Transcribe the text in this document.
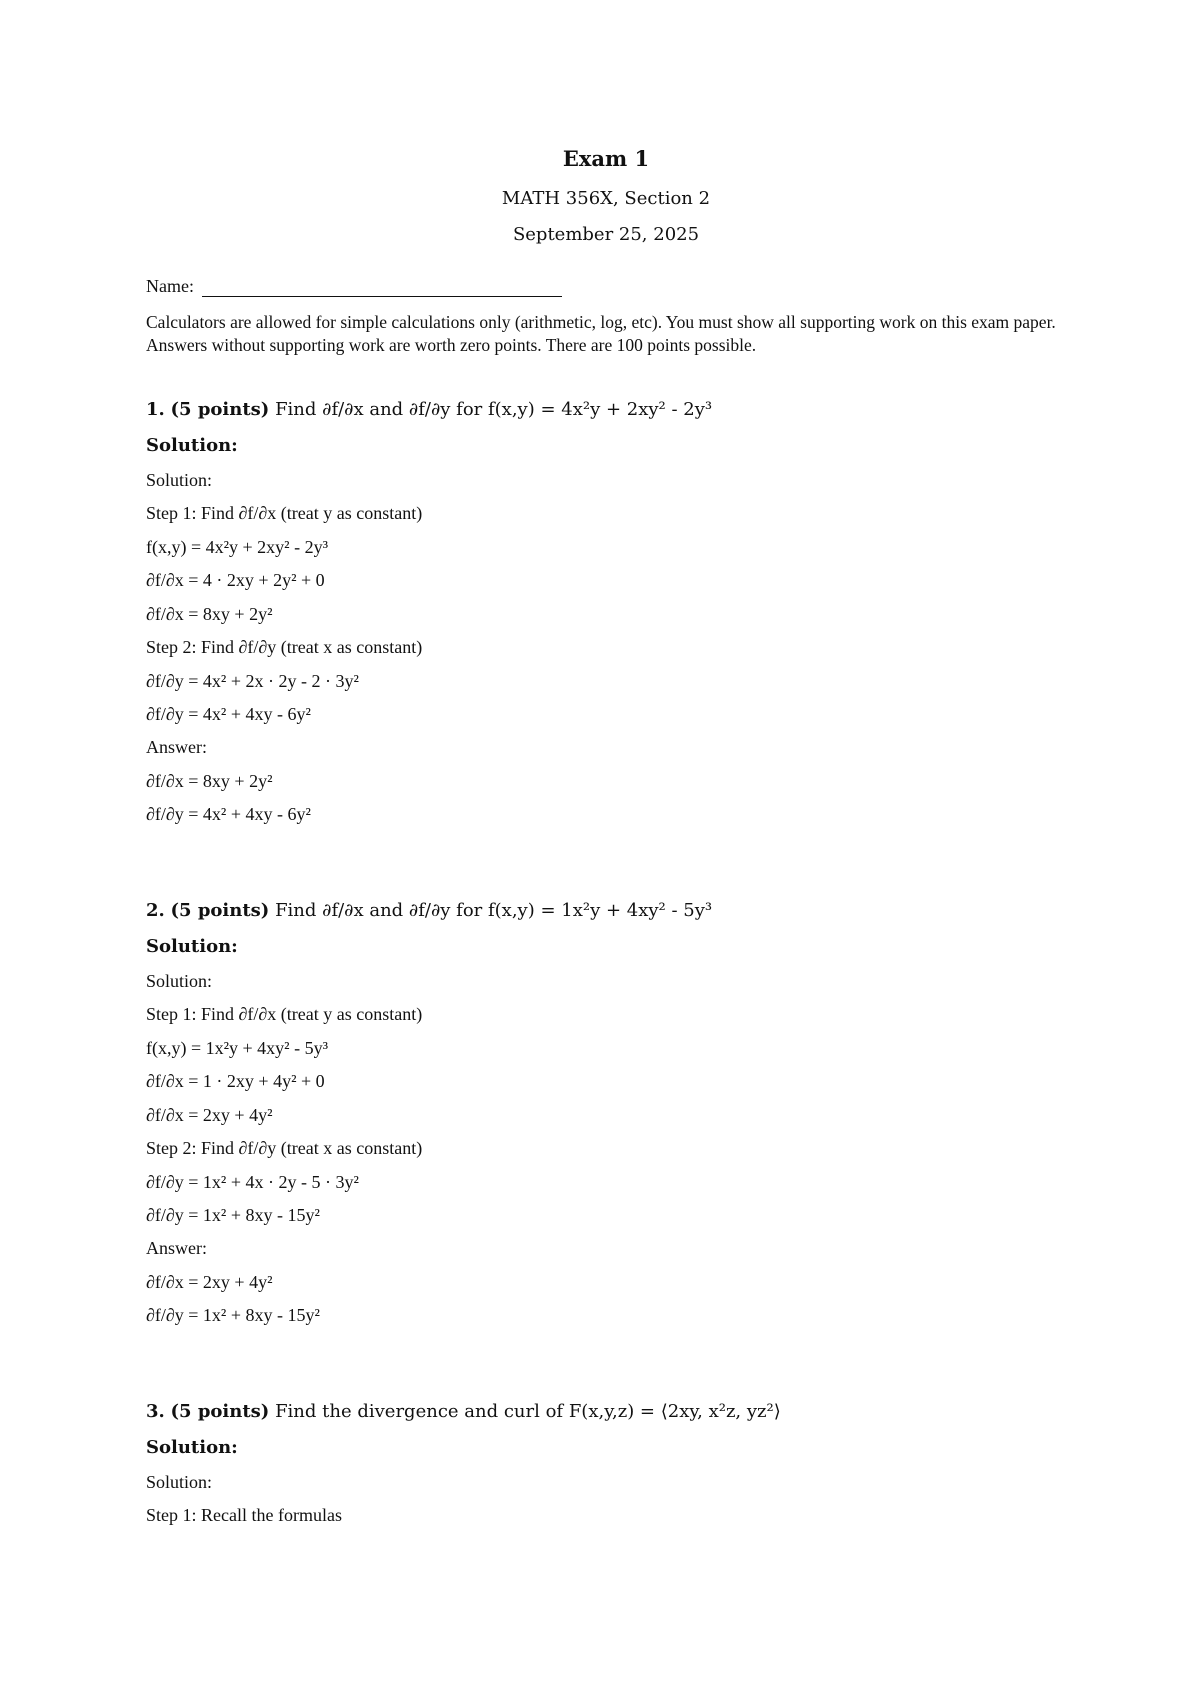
Exam 1
MATH 356X, Section 2
September 25, 2025
Name:
Calculators are allowed for simple calculations only (arithmetic, log, etc). You must show all supporting work on this exam paper. Answers without supporting work are worth zero points. There are 100 points possible.
1. (5 points) Find ∂f/∂x and ∂f/∂y for f(x,y) = 4x²y + 2xy² - 2y³
Solution:
Solution:
Step 1: Find ∂f/∂x (treat y as constant)
f(x,y) = 4x²y + 2xy² - 2y³
∂f/∂x = 4 · 2xy + 2y² + 0
∂f/∂x = 8xy + 2y²
Step 2: Find ∂f/∂y (treat x as constant)
∂f/∂y = 4x² + 2x · 2y - 2 · 3y²
∂f/∂y = 4x² + 4xy - 6y²
Answer:
∂f/∂x = 8xy + 2y²
∂f/∂y = 4x² + 4xy - 6y²
2. (5 points) Find ∂f/∂x and ∂f/∂y for f(x,y) = 1x²y + 4xy² - 5y³
Solution:
Solution:
Step 1: Find ∂f/∂x (treat y as constant)
f(x,y) = 1x²y + 4xy² - 5y³
∂f/∂x = 1 · 2xy + 4y² + 0
∂f/∂x = 2xy + 4y²
Step 2: Find ∂f/∂y (treat x as constant)
∂f/∂y = 1x² + 4x · 2y - 5 · 3y²
∂f/∂y = 1x² + 8xy - 15y²
Answer:
∂f/∂x = 2xy + 4y²
∂f/∂y = 1x² + 8xy - 15y²
3. (5 points) Find the divergence and curl of F(x,y,z) = ⟨2xy, x²z, yz²⟩
Solution:
Solution:
Step 1: Recall the formulas
